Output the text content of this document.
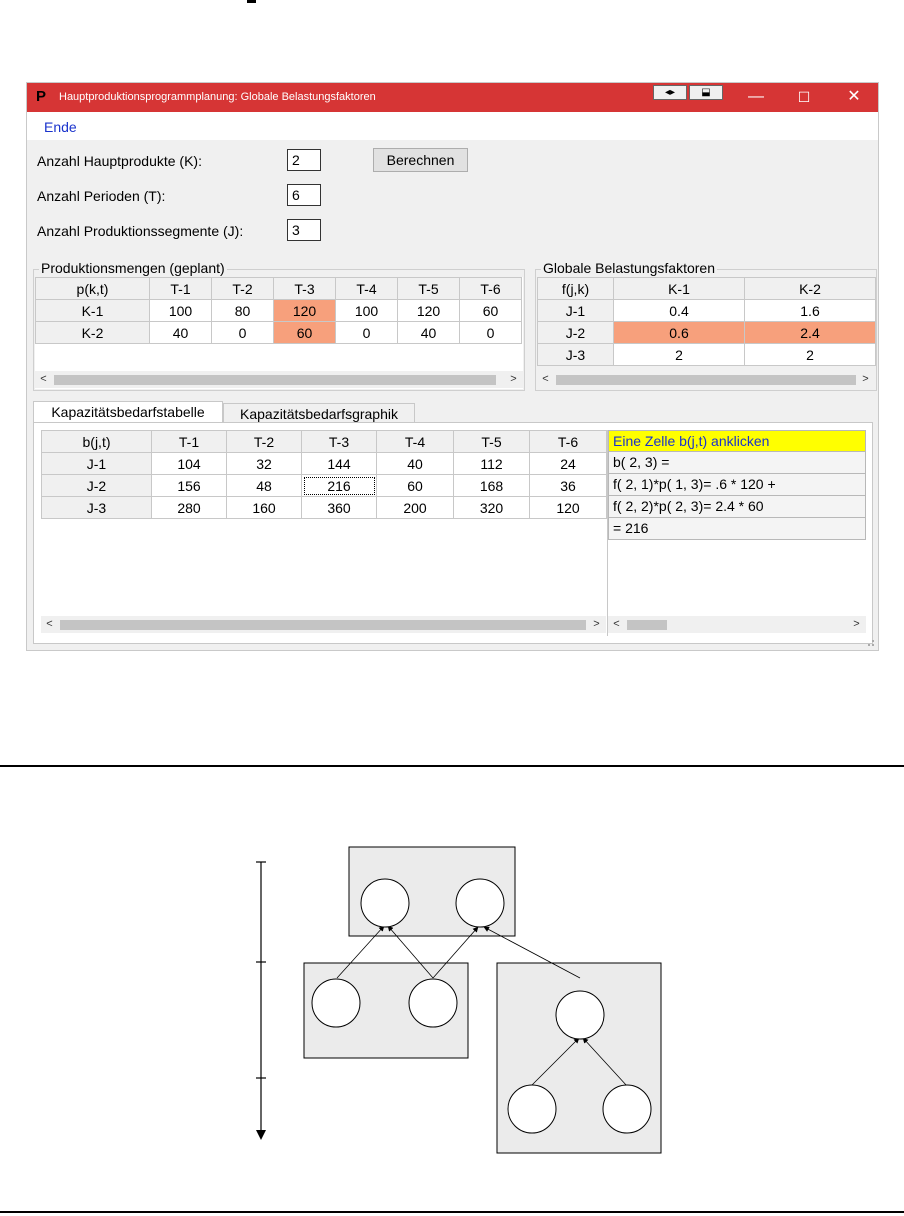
P Hauptproduktionsprogrammplanung: Globale Belastungsfaktoren	◂▸	⬓	—	☐	✕
Ende
Anzahl Hauptprodukte (K):	2	Berechnen
Anzahl Perioden (T):	6
Anzahl Produktionssegmente (J):	3
Produktionsmengen (geplant)
p(k,t)	T-1	T-2	T-3	T-4	T-5	T-6
K-1	100	80	120	100	120	60
K-2	40	0	60	0	40	0
<	>
Globale Belastungsfaktoren
f(j,k)	K-1	K-2
J-1	0.4	1.6
J-2	0.6	2.4
J-3	2	2
<	>
Kapazitätsbedarfstabelle	Kapazitätsbedarfsgraphik
b(j,t)	T-1	T-2	T-3	T-4	T-5	T-6
J-1	104	32	144	40	112	24
J-2	156	48	216	60	168	36
J-3	280	160	360	200	320	120
<	>
Eine Zelle b(j,t) anklicken
b( 2, 3) =
f( 2, 1)*p( 1, 3)= .6 * 120 +
f( 2, 2)*p( 2, 3)= 2.4 * 60
= 216
<	>
